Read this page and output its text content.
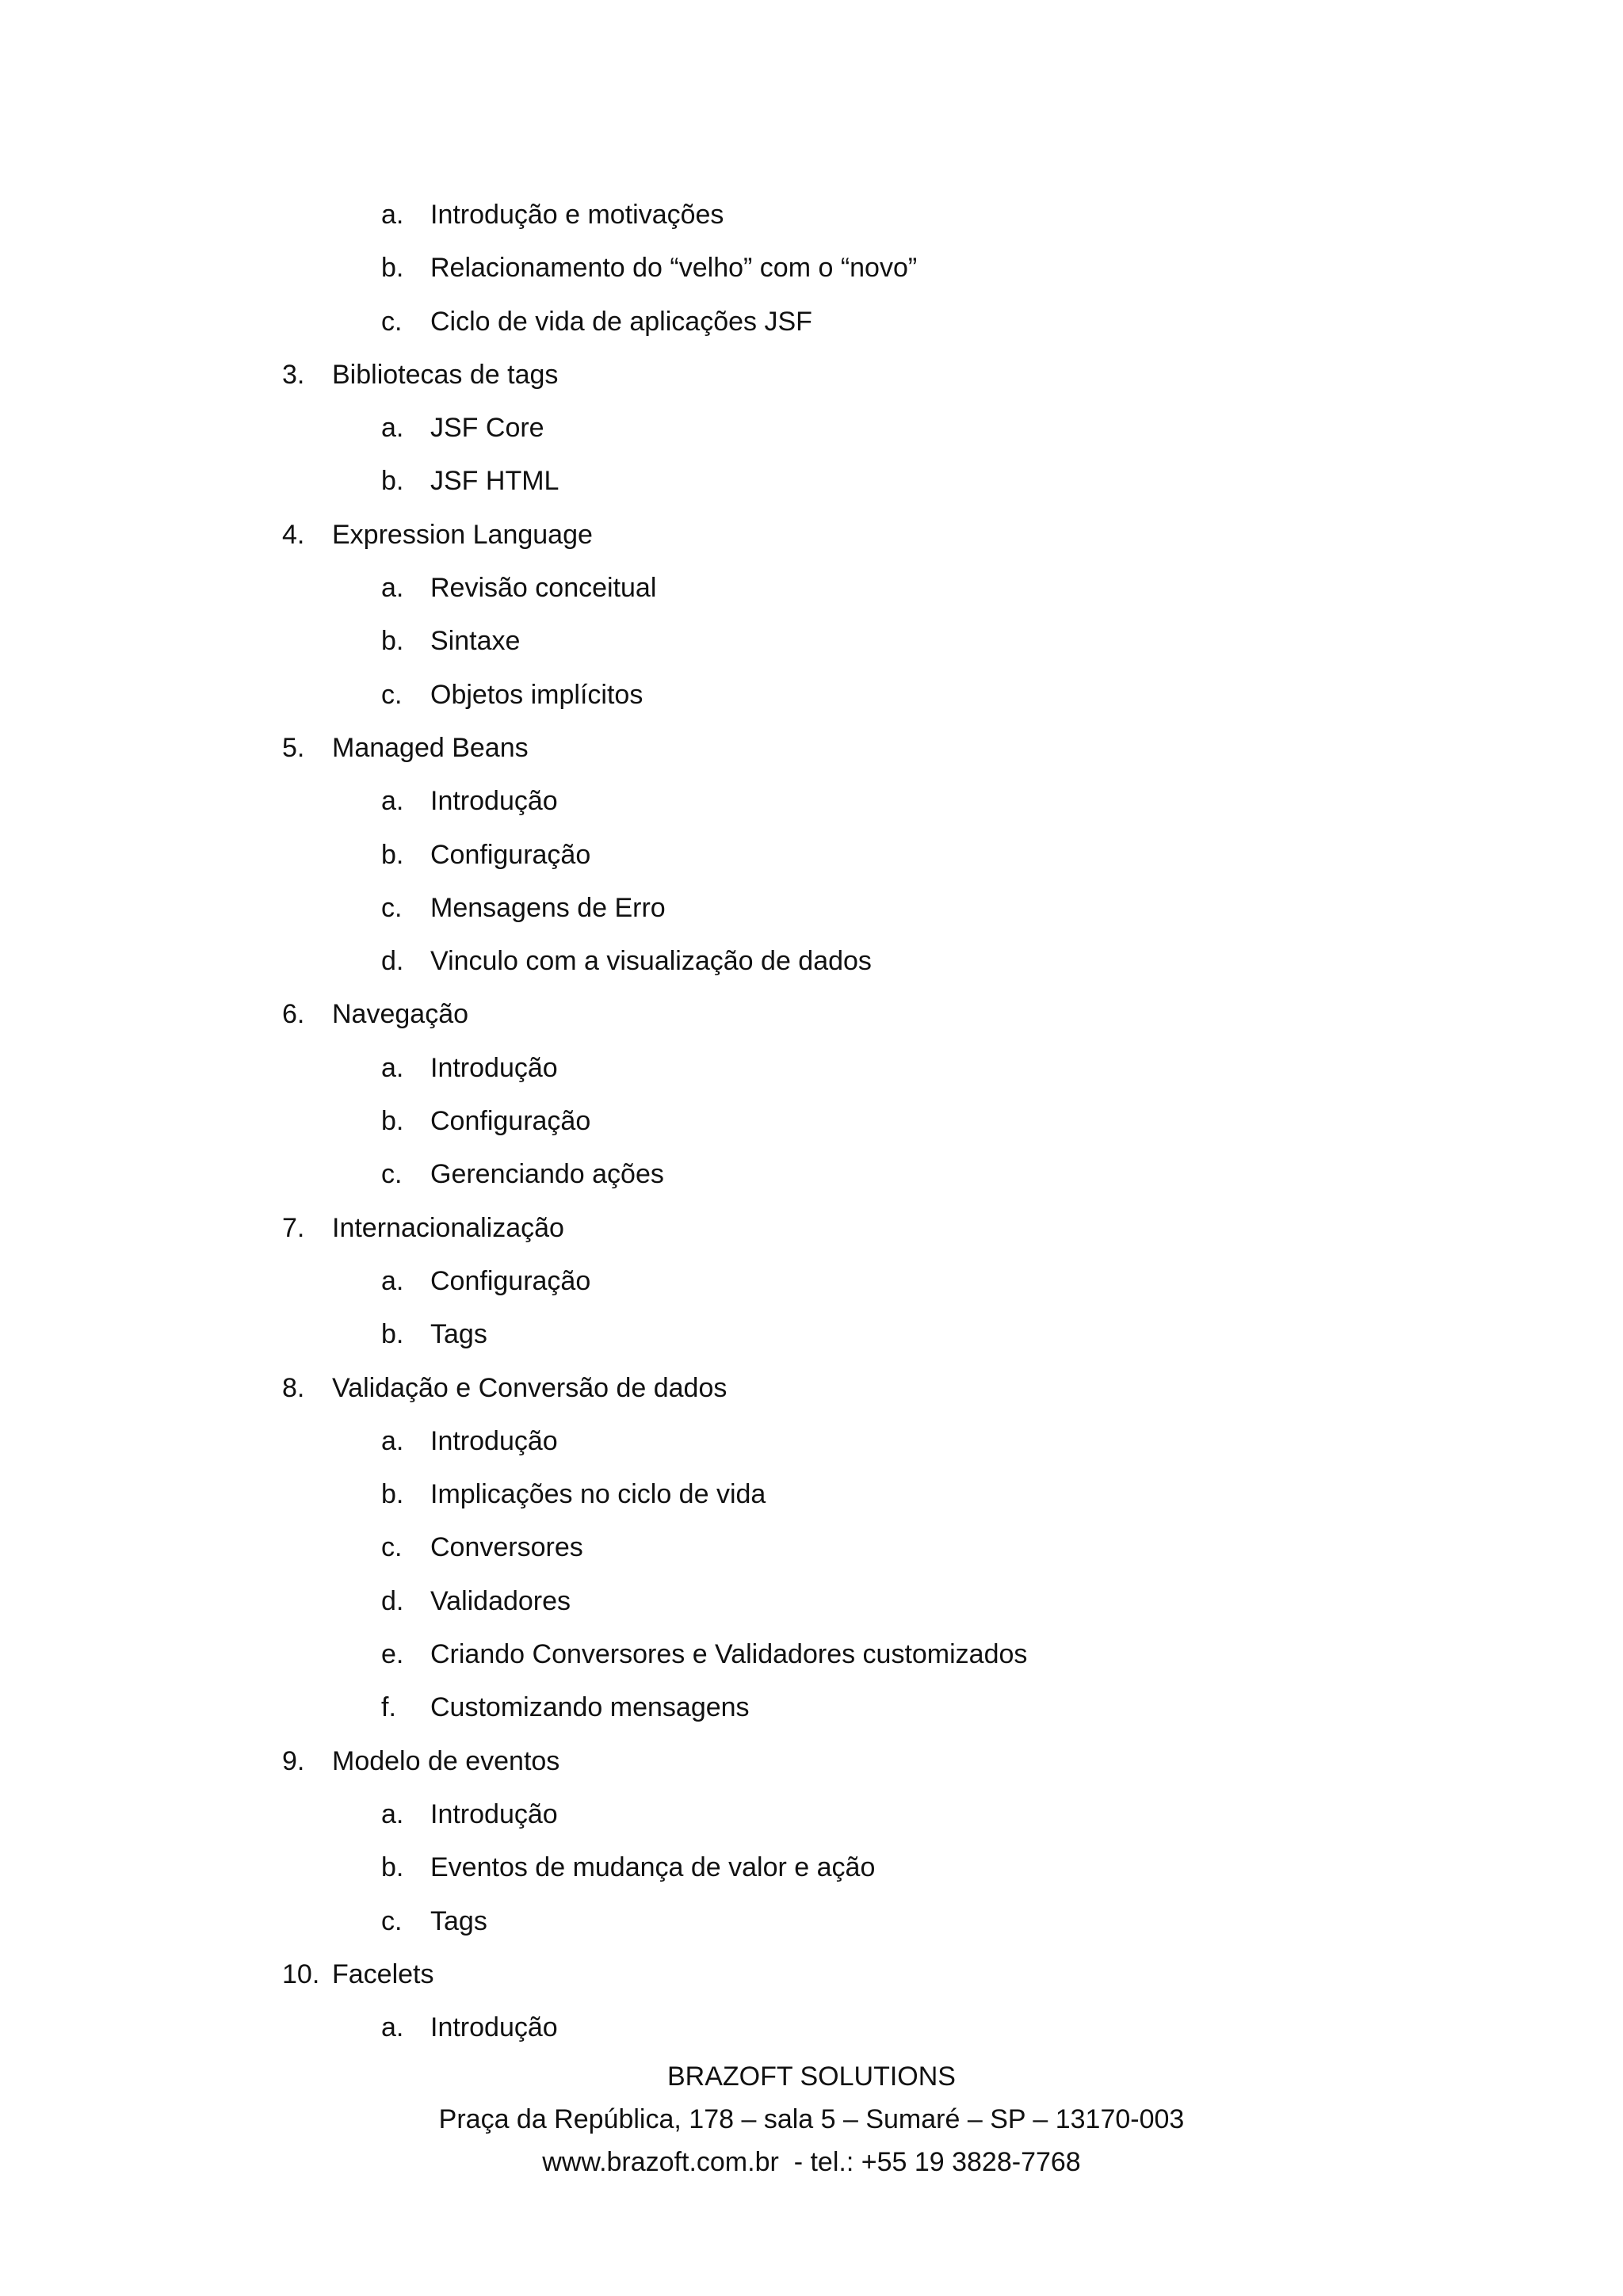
a. Introdução e motivações
b. Relacionamento do “velho” com o “novo”
c. Ciclo de vida de aplicações JSF
3. Bibliotecas de tags
a. JSF Core
b. JSF HTML
4. Expression Language
a. Revisão conceitual
b. Sintaxe
c. Objetos implícitos
5. Managed Beans
a. Introdução
b. Configuração
c. Mensagens de Erro
d. Vinculo com a visualização de dados
6. Navegação
a. Introdução
b. Configuração
c. Gerenciando ações
7. Internacionalização
a. Configuração
b. Tags
8. Validação e Conversão de dados
a. Introdução
b. Implicações no ciclo de vida
c. Conversores
d. Validadores
e. Criando Conversores e Validadores customizados
f. Customizando mensagens
9. Modelo de eventos
a. Introdução
b. Eventos de mudança de valor e ação
c. Tags
10. Facelets
a. Introdução
BRAZOFT SOLUTIONS
Praça da República, 178 – sala 5 – Sumaré – SP – 13170-003
www.brazoft.com.br  - tel.: +55 19 3828-7768
